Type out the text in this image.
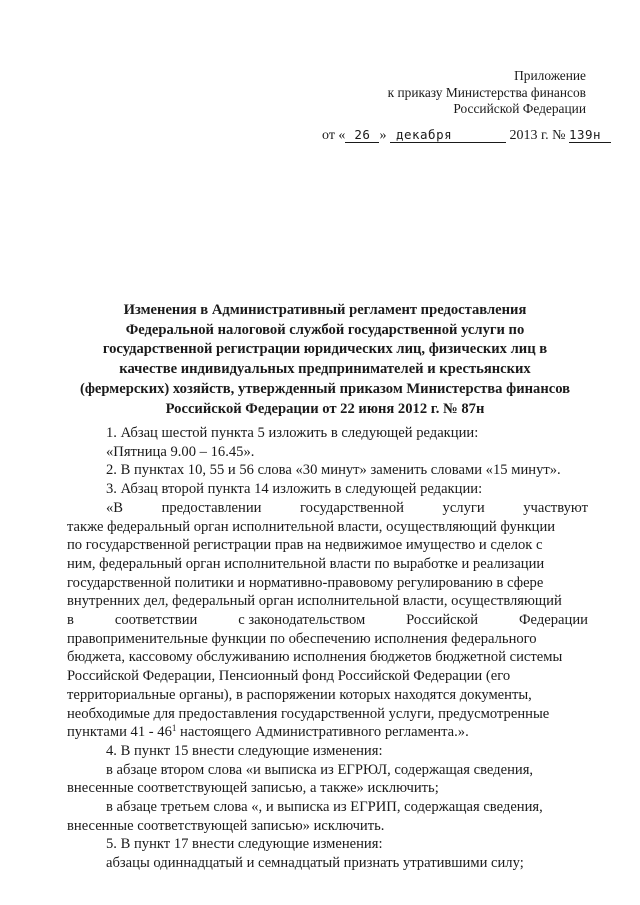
Приложение
к приказу Министерства финансов
Российской Федерации
от « 26 » декабря	2013 г. № 139н
Изменения в Административный регламент предоставления
Федеральной налоговой службой государственной услуги по
государственной регистрации юридических лиц, физических лиц в
качестве индивидуальных предпринимателей и крестьянских
(фермерских) хозяйств, утвержденный приказом Министерства финансов
Российской Федерации от 22 июня 2012 г. № 87н
1. Абзац шестой пункта 5 изложить в следующей редакции:
«Пятница 9.00 – 16.45».
2. В пунктах 10, 55 и 56 слова «30 минут» заменить словами «15 минут».
3. Абзац второй пункта 14 изложить в следующей редакции:
«В	предоставлении	государственной	услуги	участвуют
также федеральный орган исполнительной власти, осуществляющий функции
по государственной регистрации прав на недвижимое имущество и сделок с
ним, федеральный орган исполнительной власти по выработке и реализации
государственной политики и нормативно-правовому регулированию в сфере
внутренних дел, федеральный орган исполнительной власти, осуществляющий
в	соответствии	с законодательством	Российской	Федерации
правоприменительные функции по обеспечению исполнения федерального
бюджета, кассовому обслуживанию исполнения бюджетов бюджетной системы
Российской Федерации, Пенсионный фонд Российской Федерации (его
территориальные органы), в распоряжении которых находятся документы,
необходимые для предоставления государственной услуги, предусмотренные
пунктами $41 - 46^1$ настоящего Административного регламента.».
4. В пункт 15 внести следующие изменения:
в абзаце втором слова «и выписка из ЕГРЮЛ, содержащая сведения,
внесенные соответствующей записью, а также» исключить;
в абзаце третьем слова «, и выписка из ЕГРИП, содержащая сведения,
внесенные соответствующей записью» исключить.
5. В пункт 17 внести следующие изменения:
абзацы одиннадцатый и семнадцатый признать утратившими силу;
